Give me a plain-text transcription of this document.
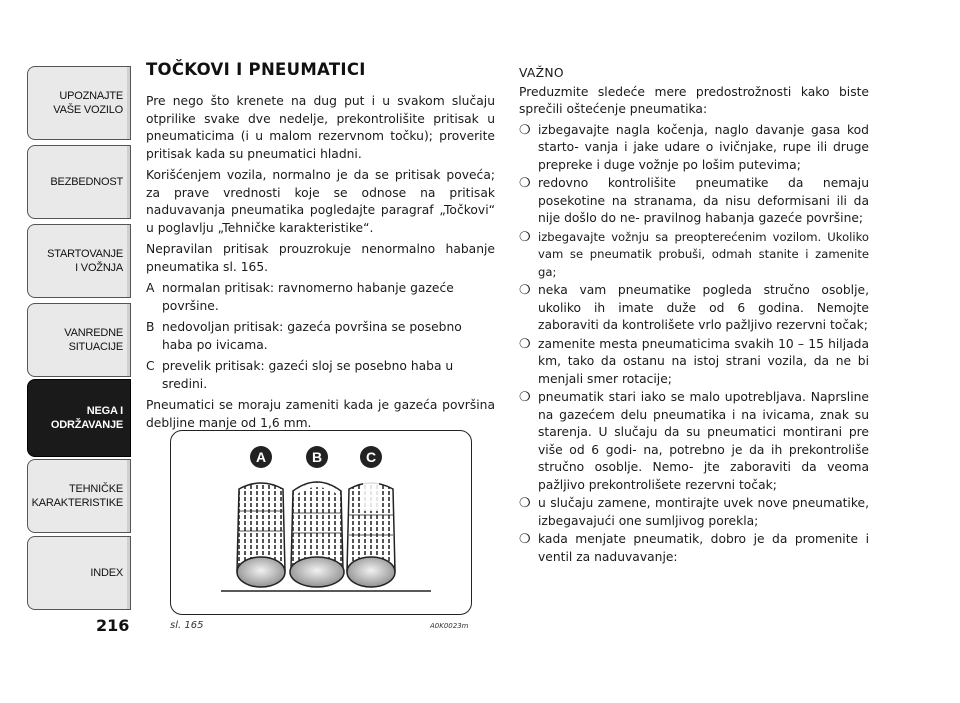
UPOZNAJTE
VAŠE VOZILO
BEZBEDNOST
STARTOVANJE
I VOŽNJA
VANREDNE
SITUACIJE
NEGA I
ODRŽAVANJE
TEHNIČKE
KARAKTERISTIKE
INDEX
216
TOČKOVI I PNEUMATICI

Pre nego što krenete na dug put i u svakom slučaju otprilike svake dve nedelje, prekontrolišite pritisak u pneumaticima (i u malom rezervnom točku); proverite pritisak kada su pneumatici hladni.

Korišćenjem vozila, normalno je da se pritisak poveća; za prave vrednosti koje se odnose na pritisak naduvavanja pneumatika pogledajte paragraf „Točkovi“ u poglavlju „Tehničke karakteristike“.

Nepravilan pritisak prouzrokuje nenormalno habanje pneumatika sl. 165.

A normalan pritisak: ravnomerno habanje gazeće površine.
B nedovoljan pritisak: gazeća površina se posebno haba po ivicama.
C prevelik pritisak: gazeći sloj se posebno haba u sredini.

Pneumatici se moraju zameniti kada je gazeća površina debljine manje od 1,6 mm.

A	B	C
sl. 165	A0K0023m
VAŽNO

Preduzmite sledeće mere predostrožnosti kako biste sprečili oštećenje pneumatika:

❍ izbegavajte nagla kočenja, naglo davanje gasa kod starto- vanja i jake udare o ivičnjake, rupe ili druge prepreke i duge vožnje po lošim putevima;
❍ redovno kontrolišite pneumatike da nemaju posekotine na stranama, da nisu deformisani ili da nije došlo do ne- pravilnog habanja gazeće površine;
❍ izbegavajte vožnju sa preopterećenim vozilom. Ukoliko vam se pneumatik probuši, odmah stanite i zamenite ga;
❍ neka vam pneumatike pogleda stručno osoblje, ukoliko ih imate duže od 6 godina. Nemojte zaboraviti da kontrolišete vrlo pažljivo rezervni točak;
❍ zamenite mesta pneumaticima svakih 10 – 15 hiljada km, tako da ostanu na istoj strani vozila, da ne bi menjali smer rotacije;
❍ pneumatik stari iako se malo upotrebljava. Naprsline na gazećem delu pneumatika i na ivicama, znak su starenja. U slučaju da su pneumatici montirani pre više od 6 godi- na, potrebno je da ih prekontroliše stručno osoblje. Nemo- jte zaboraviti da veoma pažljivo prekontrolišete rezervni točak;
❍ u slučaju zamene, montirajte uvek nove pneumatike, izbegavajući one sumljivog porekla;
❍ kada menjate pneumatik, dobro je da promenite i ventil za naduvavanje:
